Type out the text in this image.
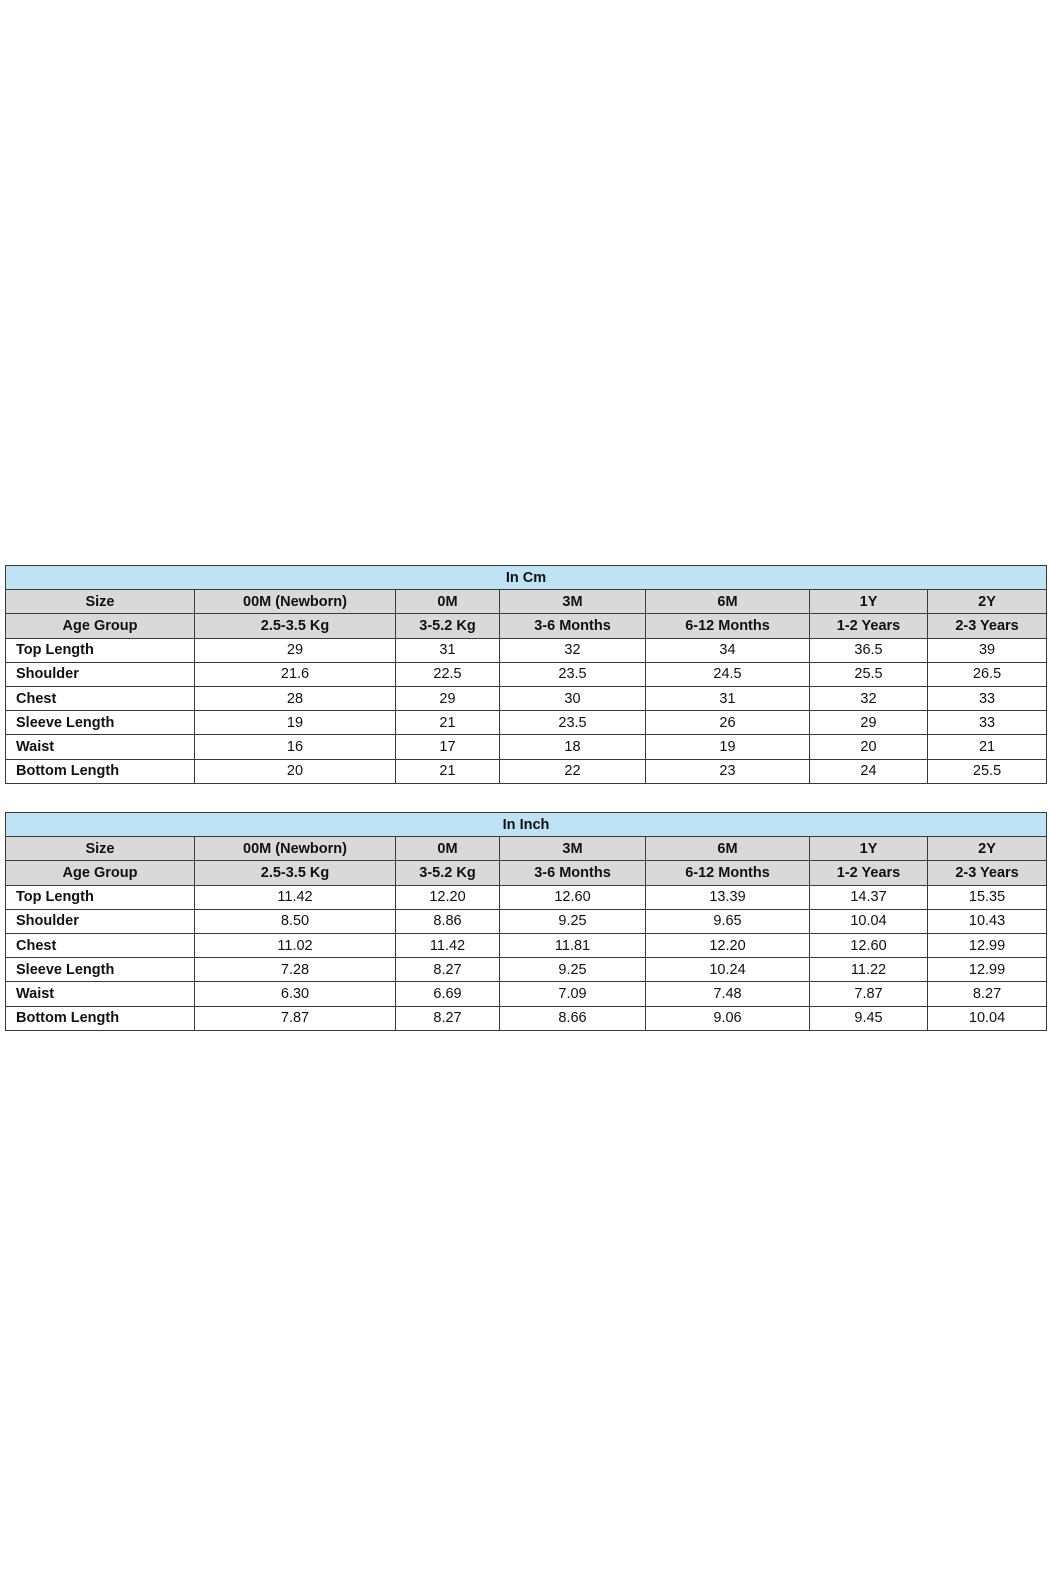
In Cm						
Size	00M (Newborn)	0M	3M	6M	1Y	2Y
Age Group	2.5-3.5 Kg	3-5.2 Kg	3-6 Months	6-12 Months	1-2 Years	2-3 Years
Top Length	29	31	32	34	36.5	39
Shoulder	21.6	22.5	23.5	24.5	25.5	26.5
Chest	28	29	30	31	32	33
Sleeve Length	19	21	23.5	26	29	33
Waist	16	17	18	19	20	21
Bottom Length	20	21	22	23	24	25.5
In Inch						
Size	00M (Newborn)	0M	3M	6M	1Y	2Y
Age Group	2.5-3.5 Kg	3-5.2 Kg	3-6 Months	6-12 Months	1-2 Years	2-3 Years
Top Length	11.42	12.20	12.60	13.39	14.37	15.35
Shoulder	8.50	8.86	9.25	9.65	10.04	10.43
Chest	11.02	11.42	11.81	12.20	12.60	12.99
Sleeve Length	7.28	8.27	9.25	10.24	11.22	12.99
Waist	6.30	6.69	7.09	7.48	7.87	8.27
Bottom Length	7.87	8.27	8.66	9.06	9.45	10.04
